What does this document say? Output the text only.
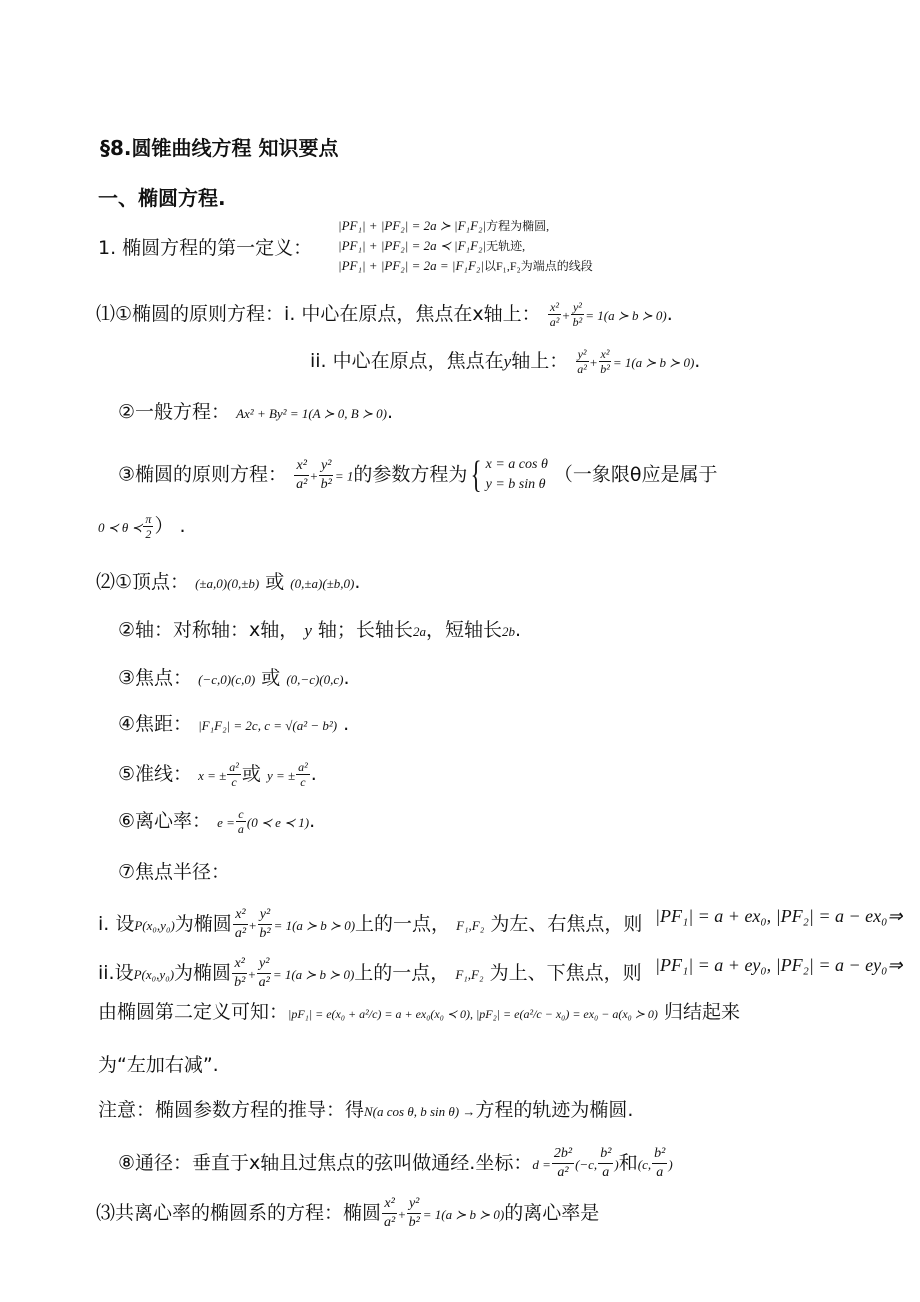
§8.圆锥曲线方程 知识要点
一、椭圆方程.
1. 椭圆方程的第一定义：
|PF₁| + |PF₂| = 2a ≻ |F₁F₂|方程为椭圆,
|PF₁| + |PF₂| = 2a ≺ |F₁F₂|无轨迹,
|PF₁| + |PF₂| = 2a = |F₁F₂|以F₁,F₂为端点的线段
⑴①椭圆的原则方程：i. 中心在原点，焦点在x轴上： $\frac{\text{x²}}{\text{a²}} + \frac{\text{y²}}{\text{b²}} = 1(a$ ≻ b ≻ 0).
ii. 中心在原点，焦点在y轴上： $\frac{\text{y²}}{\text{a²}} + \frac{\text{x²}}{\text{b²}} = 1(a$ ≻ b ≻ 0).
②一般方程： Ax² + By² = 1(A ≻ 0, B ≻ 0).
③椭圆的原则方程： $\frac{\text{x²}}{\text{a²}} + \frac{\text{y²}}{\text{b²}} = 1$的参数方程为{ x = a cos θ
y = b sin θ （一象限θ应是属于
0 ≺ θ ≺ $\frac{\pi}{2}$ ） .
⑵①顶点： (±a,0)(0,±b) 或 (0,±a)(±b,0).
②轴：对称轴：x轴， y 轴；长轴长2a，短轴长2b.
③焦点： (−c,0)(c,0) 或 (0,−c)(0,c).
④焦距： |F₁F₂| = 2c, c = √(a² − b²) .
⑤准线： x = ± $\frac{\text{a²}}{c}$ 或 y = ± $\frac{\text{a²}}{c}$ .
⑥离心率： $e = \frac{c}{a} (0$ ≺ e ≺ 1).
⑦焦点半径：
i. 设P(x₀,y₀)为椭圆 $\frac{\text{x²}}{\text{a²}} + \frac{\text{y²}}{\text{b²}} = 1(a$ ≻ b ≻ 0)上的一点， F₁,F₂ 为左、右焦点，则 |PF₁| = a + ex₀, |PF₂| = a − ex₀⇒
ii.设P(x₀,y₀)为椭圆 $\frac{\text{x²}}{\text{b²}} + \frac{\text{y²}}{\text{a²}} = 1(a$ ≻ b ≻ 0)上的一点， F₁,F₂ 为上、下焦点，则 |PF₁| = a + ey₀, |PF₂| = a − ey₀⇒
由椭圆第二定义可知：|pF₁| = e(x₀ + a²/c) = a + ex₀(x₀ ≺ 0), |pF₂| = e(a²/c − x₀) = ex₀ − a(x₀ ≻ 0) 归结起来
为“左加右减”.
注意：椭圆参数方程的推导：得N(a cos θ, b sin θ) →方程的轨迹为椭圆.
⑧通径：垂直于x轴且过焦点的弦叫做通经.坐标：$d = \frac{\text{2b²}}{\text{a²}} (-c$, $\frac{\text{b²}}{a}$ )和(c, $\frac{\text{b²}}{a}$ )
⑶共离心率的椭圆系的方程：椭圆 $\frac{\text{x²}}{\text{a²}} + \frac{\text{y²}}{\text{b²}} = 1(a$ ≻ b ≻ 0)的离心率是
